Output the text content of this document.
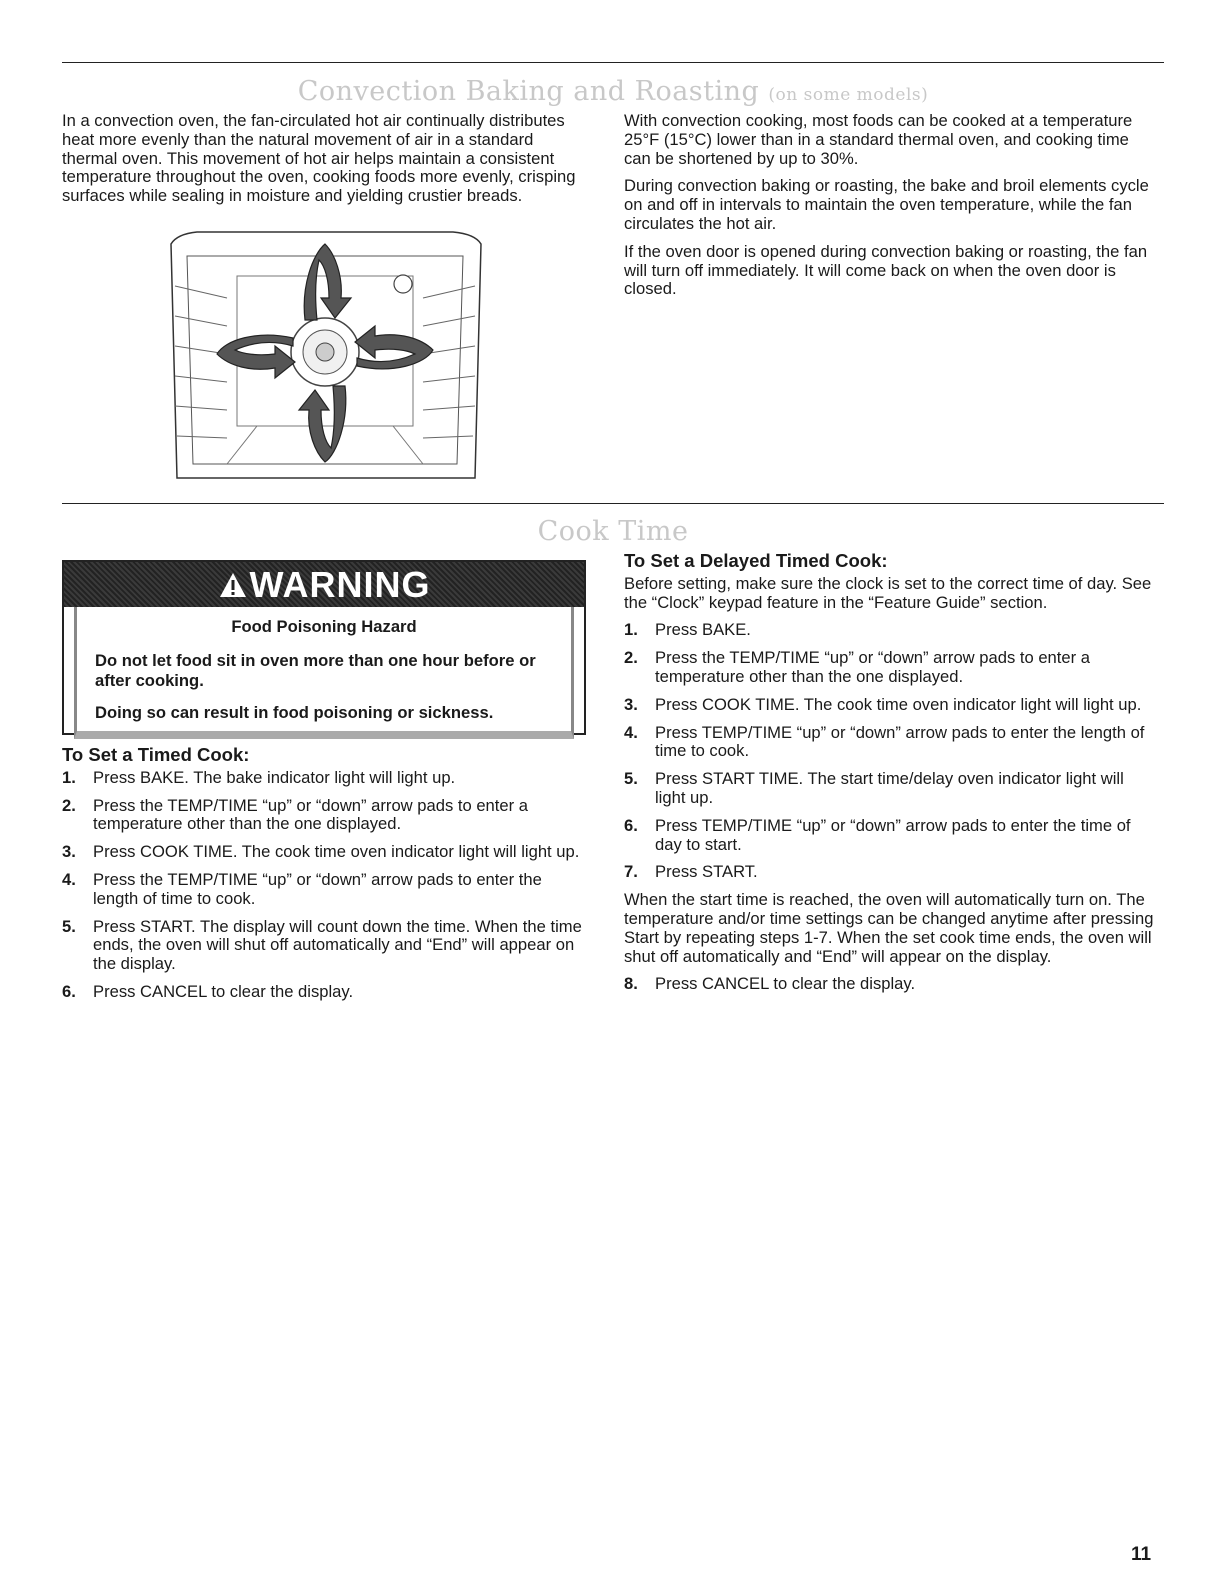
Convection Baking and Roasting (on some models)

In a convection oven, the fan-circulated hot air continually distributes heat more evenly than the natural movement of air in a standard thermal oven. This movement of hot air helps maintain a consistent temperature throughout the oven, cooking foods more evenly, crisping surfaces while sealing in moisture and yielding crustier breads.

With convection cooking, most foods can be cooked at a temperature 25°F (15°C) lower than in a standard thermal oven, and cooking time can be shortened by up to 30%.

During convection baking or roasting, the bake and broil elements cycle on and off in intervals to maintain the oven temperature, while the fan circulates the hot air.

If the oven door is opened during convection baking or roasting, the fan will turn off immediately. It will come back on when the oven door is closed.

Cook Time
WARNING
Food Poisoning Hazard

Do not let food sit in oven more than one hour before or after cooking.

Doing so can result in food poisoning or sickness.

To Set a Timed Cook:
1. Press BAKE. The bake indicator light will light up.
2. Press the TEMP/TIME “up” or “down” arrow pads to enter a temperature other than the one displayed.
3. Press COOK TIME. The cook time oven indicator light will light up.
4. Press the TEMP/TIME “up” or “down” arrow pads to enter the length of time to cook.
5. Press START. The display will count down the time. When the time ends, the oven will shut off automatically and “End” will appear on the display.
6. Press CANCEL to clear the display.
To Set a Delayed Timed Cook:

Before setting, make sure the clock is set to the correct time of day. See the “Clock” keypad feature in the “Feature Guide” section.

1. Press BAKE.
2. Press the TEMP/TIME “up” or “down” arrow pads to enter a temperature other than the one displayed.
3. Press COOK TIME. The cook time oven indicator light will light up.
4. Press TEMP/TIME “up” or “down” arrow pads to enter the length of time to cook.
5. Press START TIME. The start time/delay oven indicator light will light up.
6. Press TEMP/TIME “up” or “down” arrow pads to enter the time of day to start.
7. Press START.

When the start time is reached, the oven will automatically turn on. The temperature and/or time settings can be changed anytime after pressing Start by repeating steps 1-7. When the set cook time ends, the oven will shut off automatically and “End” will appear on the display.

8. Press CANCEL to clear the display.
11
